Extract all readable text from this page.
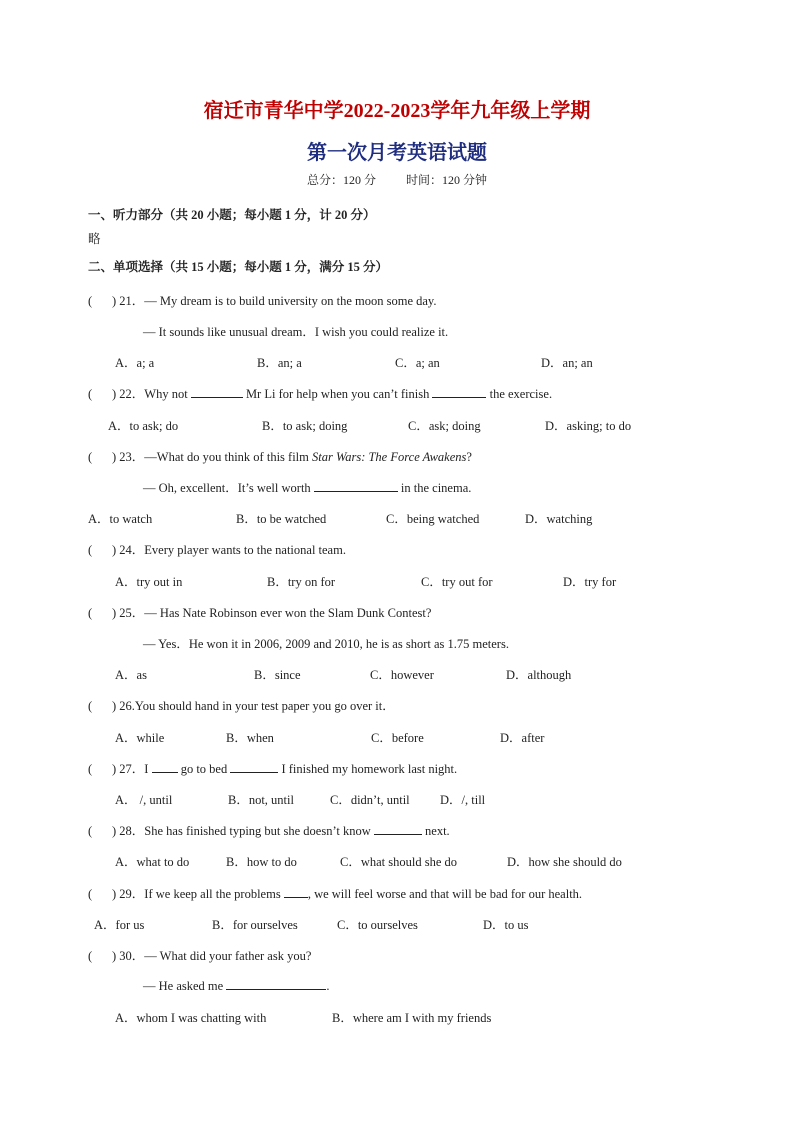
宿迁市青华中学2022-2023学年九年级上学期
第一次月考英语试题
总分：120 分	时间：120 分钟
一、听力部分（共 20 小题；每小题 1 分，计 20 分）
略
二、单项选择（共 15 小题；每小题 1 分，满分 15 分）
( ) 21．— My dream is to build university on the moon some day.
— It sounds like unusual dream．I wish you could realize it.
A．a; a	B．an; a	C．a; an	D．an; an
( ) 22．Why not	Mr Li for help when you can’t finish	the exercise.
A．to ask; do	B．to ask; doing	C．ask; doing	D．asking; to do
( ) 23．—What do you think of this film Star Wars: The Force Awakens?
— Oh, excellent．It’s well worth	in the cinema.
A．to watch	B．to be watched	C．being watched	D．watching
( ) 24．Every player wants to the national team.
A．try out in	B．try on for	C．try out for	D．try for
( ) 25．— Has Nate Robinson ever won the Slam Dunk Contest?
— Yes．He won it in 2006, 2009 and 2010, he is as short as 1.75 meters.
A．as	B．since	C．however	D．although
( ) 26.You should hand in your test paper you go over it．
A．while	B．when	C．before	D．after
( ) 27．I  go to bed	I finished my homework last night.
A． /, until	B．not, until	C．didn’t, until D．/, till
( ) 28．She has finished typing but she doesn’t know	next.
A．what to do	B．how to do	C．what should she do	D．how she should do
( ) 29．If we keep all the problems , we will feel worse and that will be bad for our health.
A．for us	B．for ourselves	C．to ourselves	D．to us
( ) 30．— What did your father ask you?
— He asked me	.
A．whom I was chatting with	B．where am I with my friends
